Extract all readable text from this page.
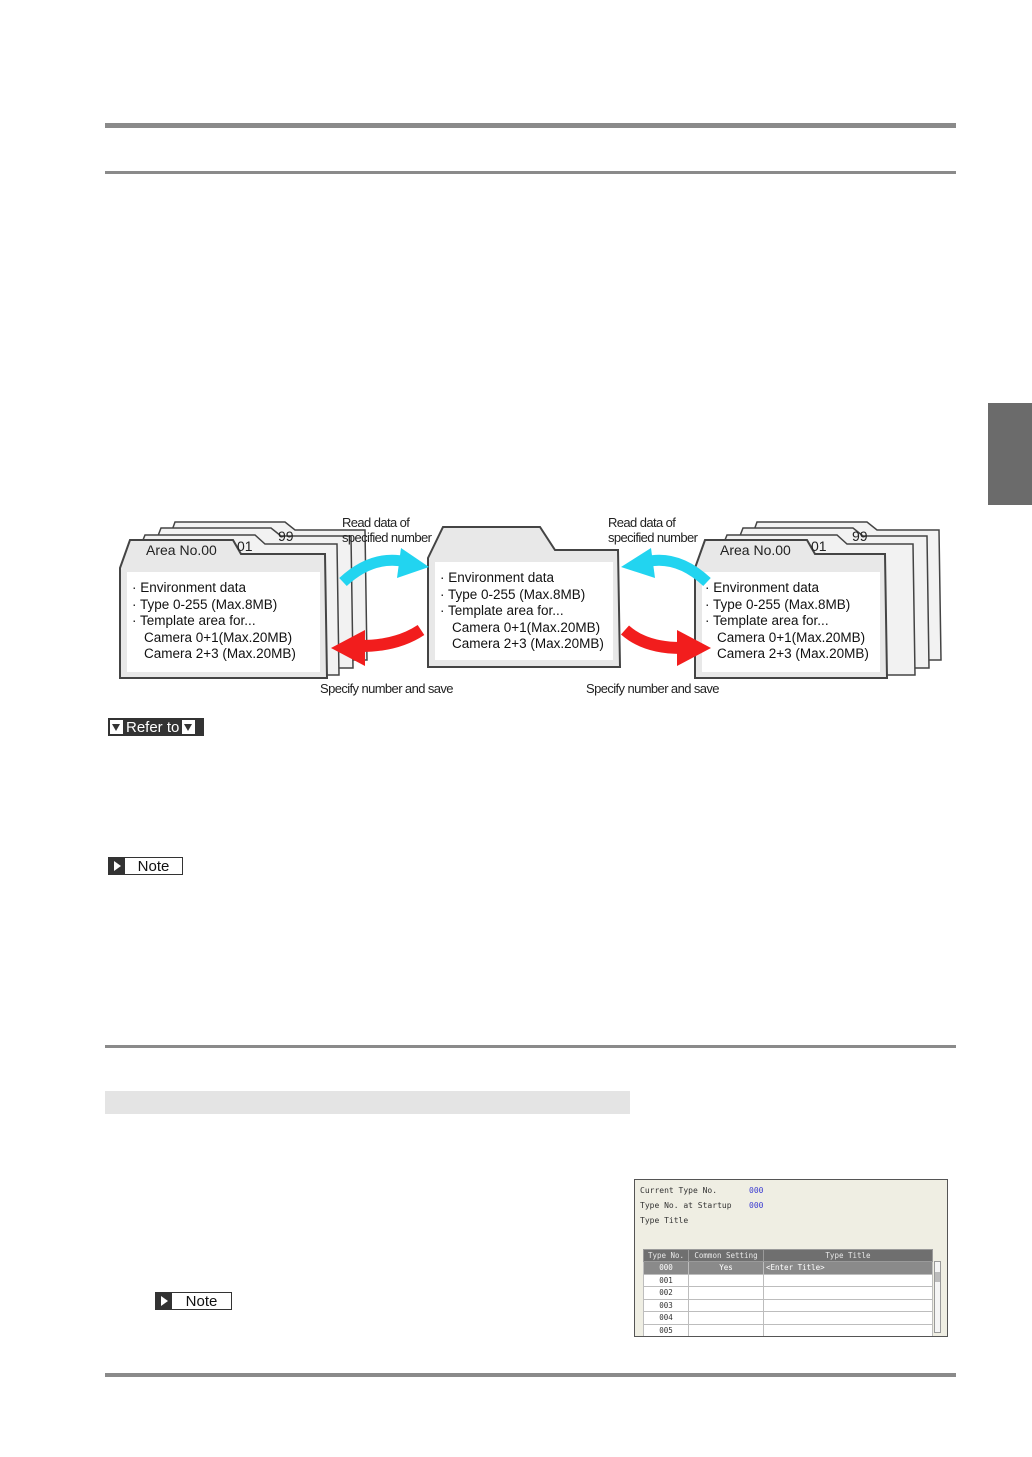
Area No.00 01
99
· Environment data
· Type 0-255 (Max.8MB)
· Template area for...
Camera 0+1(Max.20MB)
Camera 2+3 (Max.20MB)
· Environment data
· Type 0-255 (Max.8MB)
· Template area for...
Camera 0+1(Max.20MB)
Camera 2+3 (Max.20MB)
Area No.00 01
99
· Environment data
· Type 0-255 (Max.8MB)
· Template area for...
Camera 0+1(Max.20MB)
Camera 2+3 (Max.20MB)
Read data of
specified number
Read data of
specified number
Specify number and save	Specify number and save
Refer to
Note
Note
Current Type No.	000
Type No. at Startup 000
Type Title
Type No.	Common Setting	Type Title
000	Yes	<Enter Title>
001		
002		
003		
004		
005		
